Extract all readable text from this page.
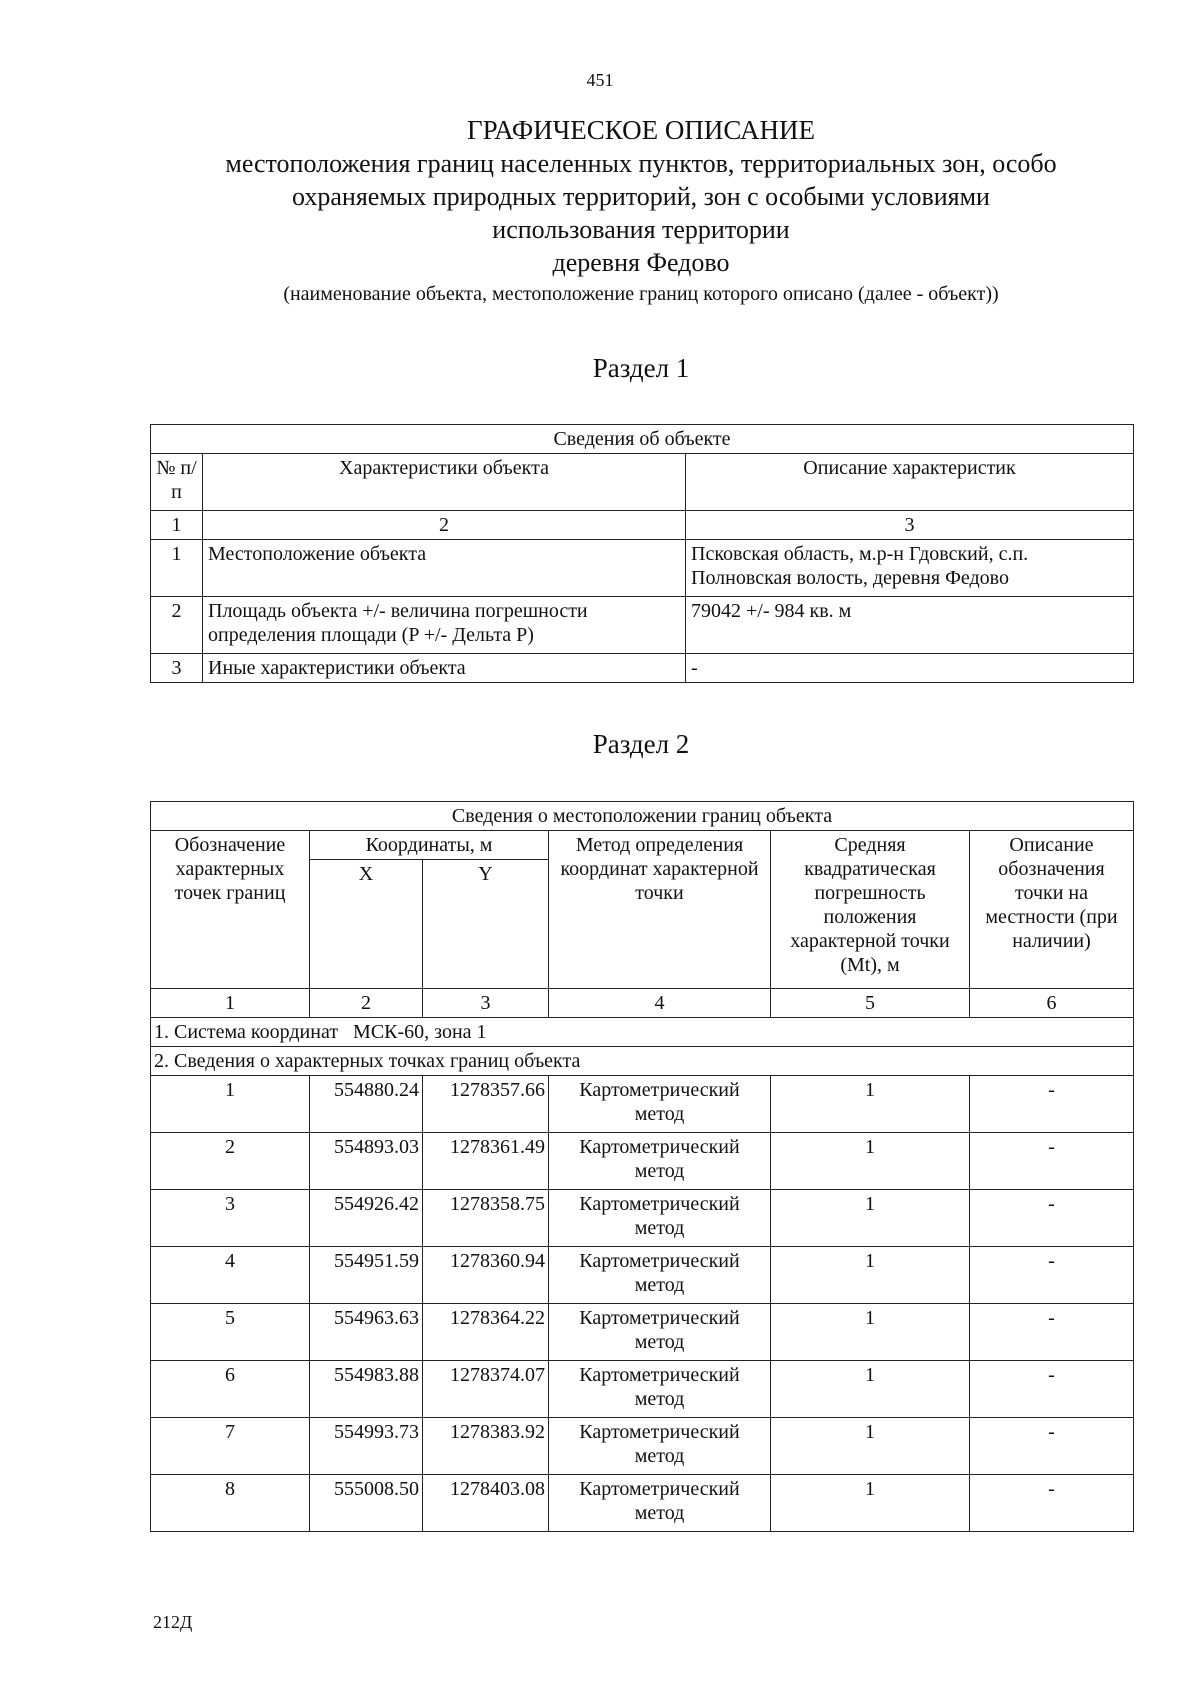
451
ГРАФИЧЕСКОЕ ОПИСАНИЕ
местоположения границ населенных пунктов, территориальных зон, особо
охраняемых природных территорий, зон с особыми условиями
использования территории
деревня Федово
(наименование объекта, местоположение границ которого описано (далее - объект))
Раздел 1
Сведения об объекте		
№ п/п	Характеристики объекта	Описание характеристик
1	2	3
1	Местоположение объекта	Псковская область, м.р-н Гдовский, с.п. Полновская волость, деревня Федово
2	Площадь объекта +/- величина погрешности определения площади (P +/- Дельта P)	79042 +/- 984 кв. м
3	Иные характеристики объекта	-
Раздел 2
Сведения о местоположении границ объекта					
Обозначение характерных точек границ	Координаты, м		Метод определения координат характерной точки	Средняя квадратическая погрешность положения характерной точки (Mt), м	Описание обозначения точки на местности (при наличии)
	X	Y			
1	2	3	4	5	6
1. Система координат   МСК-60, зона 1					
2. Сведения о характерных точках границ объекта					
1	554880.24	1278357.66	Картометрический метод	1	-
2	554893.03	1278361.49	Картометрический метод	1	-
3	554926.42	1278358.75	Картометрический метод	1	-
4	554951.59	1278360.94	Картометрический метод	1	-
5	554963.63	1278364.22	Картометрический метод	1	-
6	554983.88	1278374.07	Картометрический метод	1	-
7	554993.73	1278383.92	Картометрический метод	1	-
8	555008.50	1278403.08	Картометрический метод	1	-
212Д
